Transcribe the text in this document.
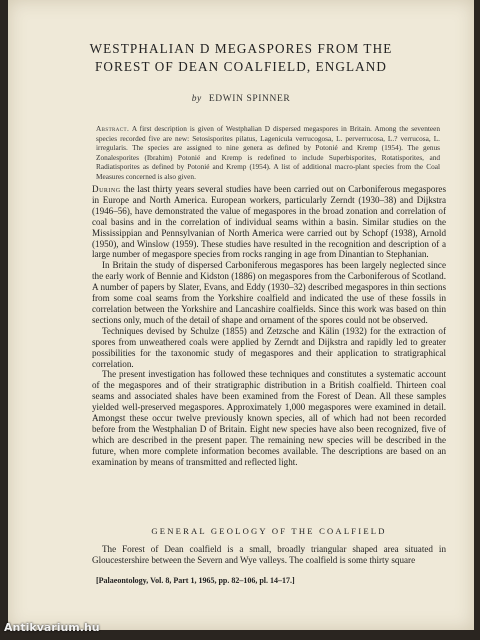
WESTPHALIAN D MEGASPORES FROM THE
FOREST OF DEAN COALFIELD, ENGLAND
by EDWIN SPINNER
Abstract. A first description is given of Westphalian D dispersed megaspores in Britain. Among the seventeen species recorded five are new: Setosisporites pilatus, Lagenicula verrucogosa, L. perverrucosa, L.? verrucosa, L. irregularis. The species are assigned to nine genera as defined by Potonié and Kremp (1954). The genus Zonalesporites (Ibrahim) Potonié and Kremp is redefined to include Superbisporites, Rotatisporites, and Radiatisporites as defined by Potonié and Kremp (1954). A list of additional macro-plant species from the Coal Measures concerned is also given.

During the last thirty years several studies have been carried out on Carboniferous megaspores in Europe and North America. European workers, particularly Zerndt (1930–38) and Dijkstra (1946–56), have demonstrated the value of megaspores in the broad zonation and correlation of coal basins and in the correlation of individual seams within a basin. Similar studies on the Mississippian and Pennsylvanian of North America were carried out by Schopf (1938), Arnold (1950), and Winslow (1959). These studies have resulted in the recognition and description of a large number of megaspore species from rocks ranging in age from Dinantian to Stephanian.

In Britain the study of dispersed Carboniferous megaspores has been largely neglected since the early work of Bennie and Kidston (1886) on megaspores from the Carboniferous of Scotland. A number of papers by Slater, Evans, and Eddy (1930–32) described megaspores in thin sections from some coal seams from the Yorkshire coalfield and indicated the use of these fossils in correlation between the Yorkshire and Lancashire coalfields. Since this work was based on thin sections only, much of the detail of shape and ornament of the spores could not be observed.

Techniques devised by Schulze (1855) and Zetzsche and Kälin (1932) for the extraction of spores from unweathered coals were applied by Zerndt and Dijkstra and rapidly led to greater possibilities for the taxonomic study of megaspores and their application to stratigraphical correlation.

The present investigation has followed these techniques and constitutes a systematic account of the megaspores and of their stratigraphic distribution in a British coalfield. Thirteen coal seams and associated shales have been examined from the Forest of Dean. All these samples yielded well-preserved megaspores. Approximately 1,000 megaspores were examined in detail. Amongst these occur twelve previously known species, all of which had not been recorded before from the Westphalian D of Britain. Eight new species have also been recognized, five of which are described in the present paper. The remaining new species will be described in the future, when more complete information becomes available. The descriptions are based on an examination by means of transmitted and reflected light.

GENERAL GEOLOGY OF THE COALFIELD

The Forest of Dean coalfield is a small, broadly triangular shaped area situated in Gloucestershire between the Severn and Wye valleys. The coalfield is some thirty square

[Palaeontology, Vol. 8, Part 1, 1965, pp. 82–106, pl. 14–17.]
Antikvarium.hu
